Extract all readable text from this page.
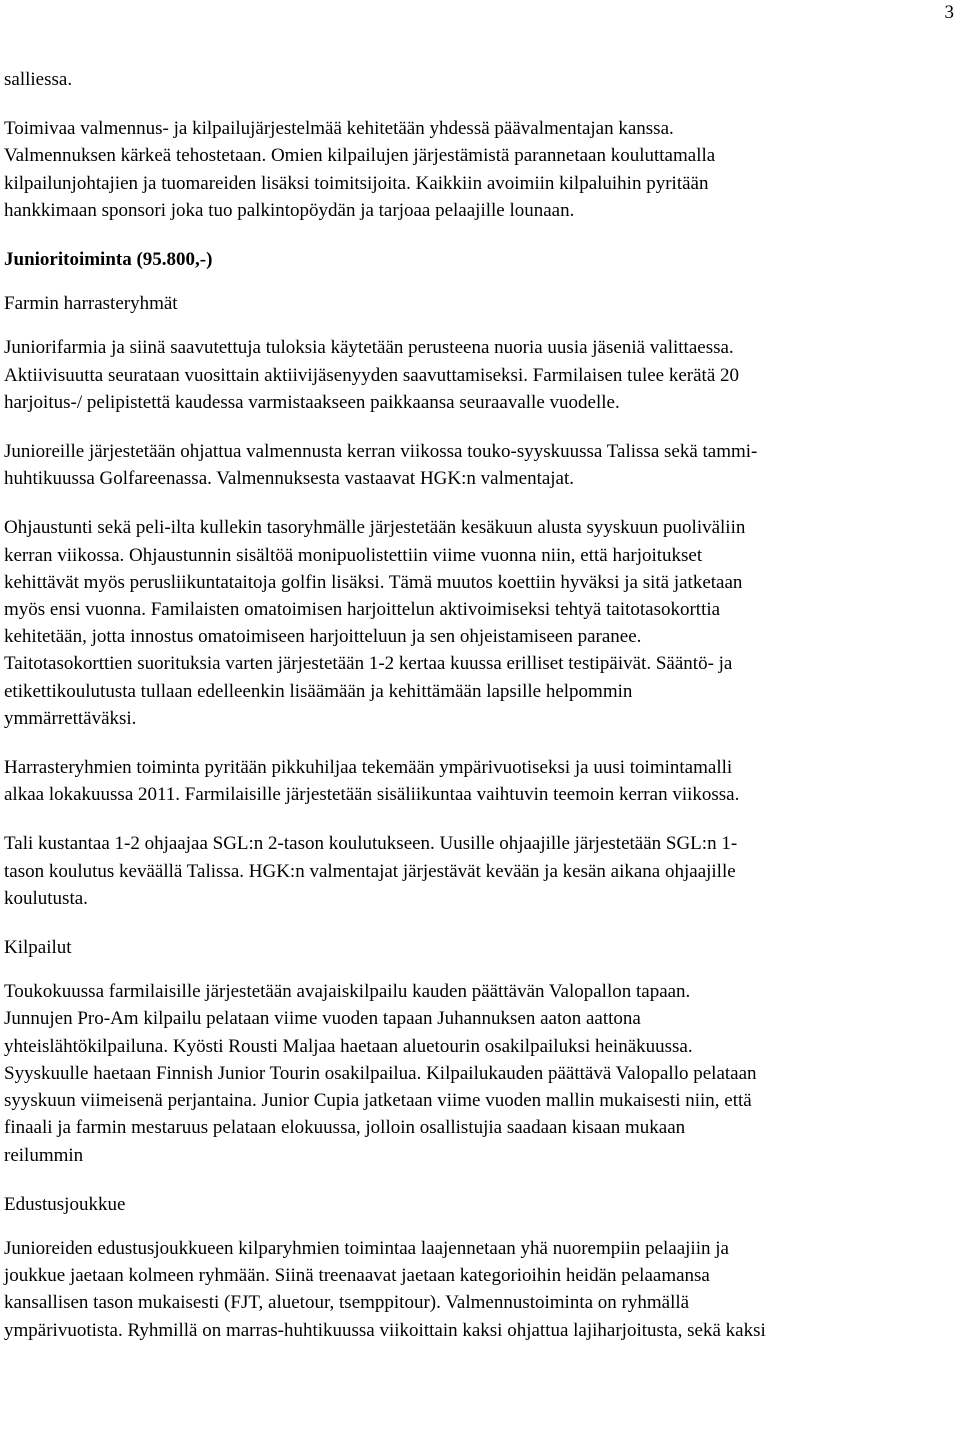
3
salliessa.
Toimivaa valmennus- ja kilpailujärjestelmää kehitetään yhdessä päävalmentajan kanssa.
Valmennuksen kärkeä tehostetaan. Omien kilpailujen järjestämistä parannetaan kouluttamalla
kilpailunjohtajien ja tuomareiden lisäksi toimitsijoita. Kaikkiin avoimiin kilpaluihin pyritään
hankkimaan sponsori joka tuo palkintopöydän ja tarjoaa pelaajille lounaan.
Junioritoiminta (95.800,-)
Farmin harrasteryhmät
Juniorifarmia ja siinä saavutettuja tuloksia käytetään perusteena nuoria uusia jäseniä valittaessa.
Aktiivisuutta seurataan vuosittain aktiivijäsenyyden saavuttamiseksi. Farmilaisen tulee kerätä 20
harjoitus-/ pelipistettä kaudessa varmistaakseen paikkaansa seuraavalle vuodelle.
Junioreille järjestetään ohjattua valmennusta kerran viikossa touko-syyskuussa Talissa sekä tammi-
huhtikuussa Golfareenassa. Valmennuksesta vastaavat HGK:n valmentajat.
Ohjaustunti sekä peli-ilta kullekin tasoryhmälle järjestetään kesäkuun alusta syyskuun puoliväliin
kerran viikossa. Ohjaustunnin sisältöä monipuolistettiin viime vuonna niin, että harjoitukset
kehittävät myös perusliikuntataitoja golfin lisäksi. Tämä muutos koettiin hyväksi ja sitä jatketaan
myös ensi vuonna. Familaisten omatoimisen harjoittelun aktivoimiseksi tehtyä taitotasokorttia
kehitetään, jotta innostus omatoimiseen harjoitteluun ja sen ohjeistamiseen paranee.
Taitotasokorttien suorituksia varten järjestetään 1-2 kertaa kuussa erilliset testipäivät. Sääntö- ja
etikettikoulutusta tullaan edelleenkin lisäämään ja kehittämään lapsille helpommin
ymmärrettäväksi.
Harrasteryhmien toiminta pyritään pikkuhiljaa tekemään ympärivuotiseksi ja uusi toimintamalli
alkaa lokakuussa 2011. Farmilaisille järjestetään sisäliikuntaa vaihtuvin teemoin kerran viikossa.
Tali kustantaa 1-2 ohjaajaa SGL:n 2-tason koulutukseen. Uusille ohjaajille järjestetään SGL:n 1-
tason koulutus keväällä Talissa. HGK:n valmentajat järjestävät kevään ja kesän aikana ohjaajille
koulutusta.
Kilpailut
Toukokuussa farmilaisille järjestetään avajaiskilpailu kauden päättävän Valopallon tapaan.
Junnujen Pro-Am kilpailu pelataan viime vuoden tapaan Juhannuksen aaton aattona
yhteislähtökilpailuna. Kyösti Rousti Maljaa haetaan aluetourin osakilpailuksi heinäkuussa.
Syyskuulle haetaan Finnish Junior Tourin osakilpailua. Kilpailukauden päättävä Valopallo pelataan
syyskuun viimeisenä perjantaina. Junior Cupia jatketaan viime vuoden mallin mukaisesti niin, että
finaali ja farmin mestaruus pelataan elokuussa, jolloin osallistujia saadaan kisaan mukaan
reilummin
Edustusjoukkue
Junioreiden edustusjoukkueen kilparyhmien toimintaa laajennetaan yhä nuorempiin pelaajiin ja
joukkue jaetaan kolmeen ryhmään. Siinä treenaavat jaetaan kategorioihin heidän pelaamansa
kansallisen tason mukaisesti (FJT, aluetour, tsemppitour). Valmennustoiminta on ryhmällä
ympärivuotista. Ryhmillä on marras-huhtikuussa viikoittain kaksi ohjattua lajiharjoitusta, sekä kaksi
